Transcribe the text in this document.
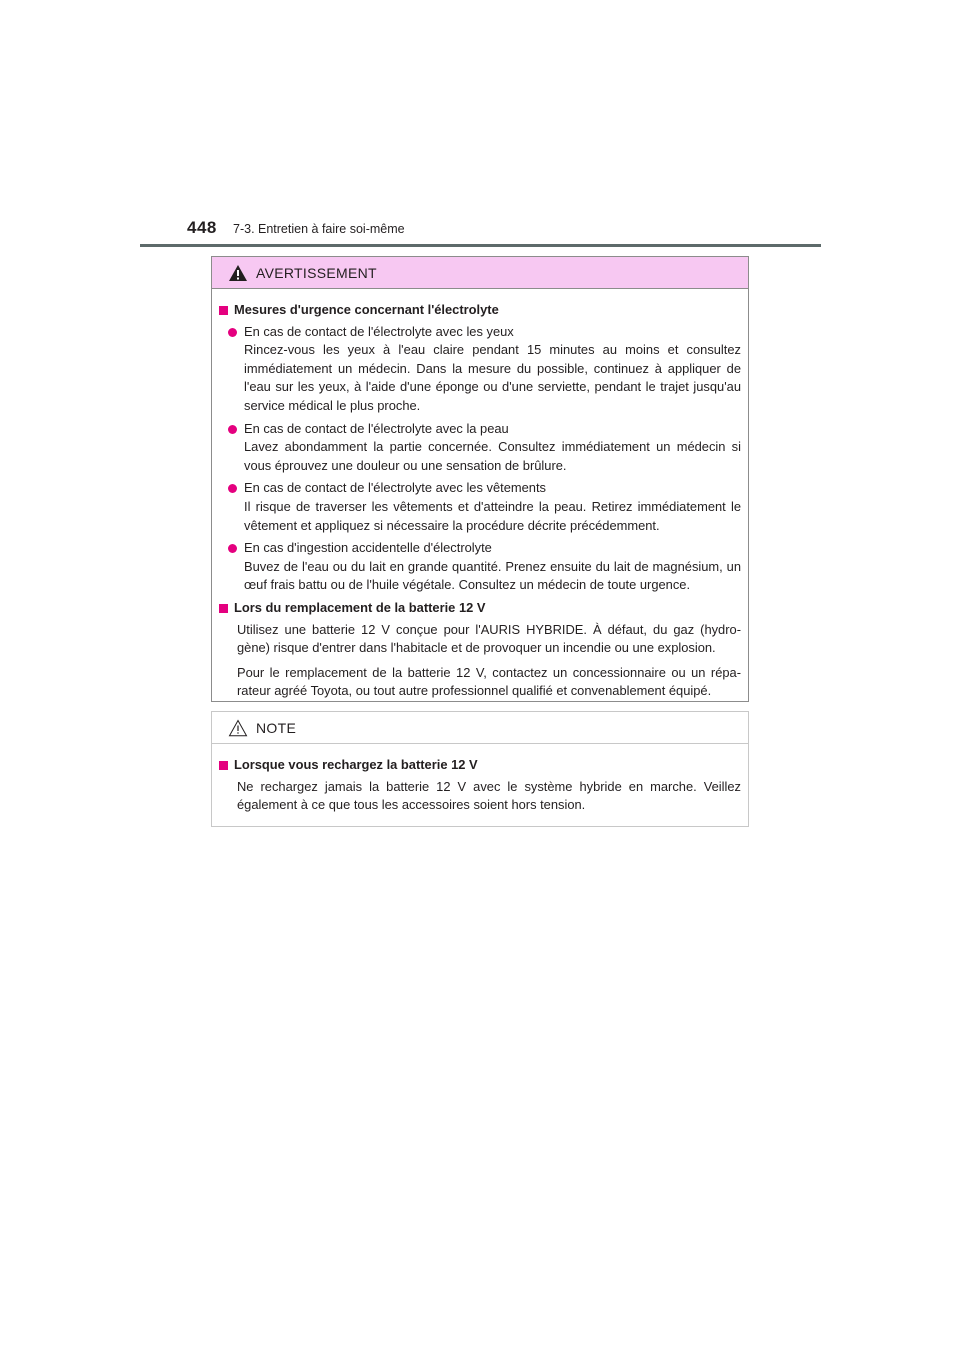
448 7-3. Entretien à faire soi-même
AVERTISSEMENT
Mesures d'urgence concernant l'électrolyte
En cas de contact de l'électrolyte avec les yeux
Rincez-vous les yeux à l'eau claire pendant 15 minutes au moins et consultez immédiatement un médecin. Dans la mesure du possible, continuez à appliquer de l'eau sur les yeux, à l'aide d'une éponge ou d'une serviette, pendant le trajet jusqu'au service médical le plus proche.
En cas de contact de l'électrolyte avec la peau
Lavez abondamment la partie concernée. Consultez immédiatement un médecin si vous éprouvez une douleur ou une sensation de brûlure.
En cas de contact de l'électrolyte avec les vêtements
Il risque de traverser les vêtements et d'atteindre la peau. Retirez immédiatement le vêtement et appliquez si nécessaire la procédure décrite précédemment.
En cas d'ingestion accidentelle d'électrolyte
Buvez de l'eau ou du lait en grande quantité. Prenez ensuite du lait de magnésium, un œuf frais battu ou de l'huile végétale. Consultez un médecin de toute urgence.
Lors du remplacement de la batterie 12 V
Utilisez une batterie 12 V conçue pour l'AURIS HYBRIDE. À défaut, du gaz (hydro-gène) risque d'entrer dans l'habitacle et de provoquer un incendie ou une explosion.
Pour le remplacement de la batterie 12 V, contactez un concessionnaire ou un répa-rateur agréé Toyota, ou tout autre professionnel qualifié et convenablement équipé.
NOTE
Lorsque vous rechargez la batterie 12 V
Ne rechargez jamais la batterie 12 V avec le système hybride en marche. Veillez également à ce que tous les accessoires soient hors tension.
